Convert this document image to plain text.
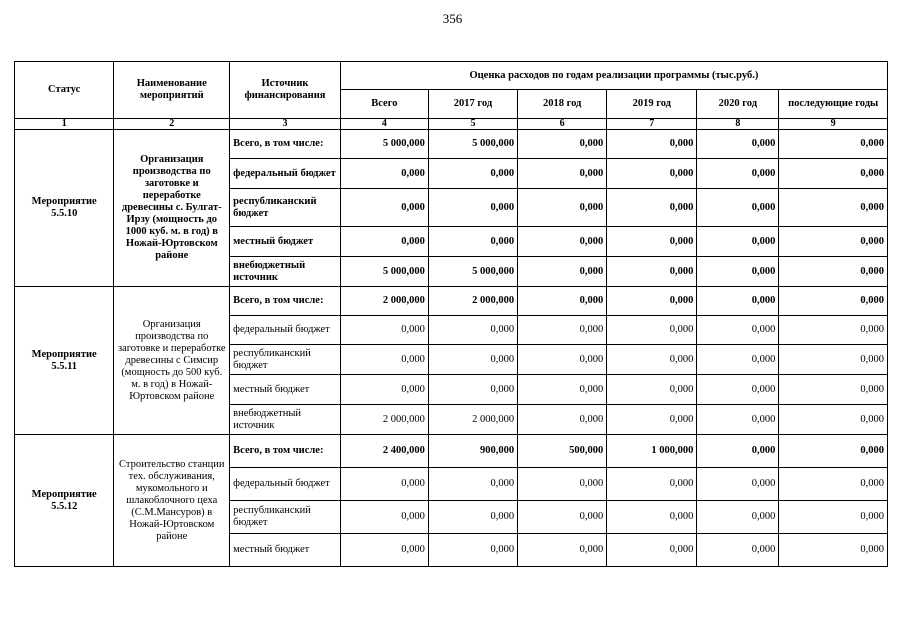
356
Статус	Наименование мероприятий	Источник финансирования	Оценка расходов по годам реализации программы (тыс.руб.)					
			Всего	2017 год	2018 год	2019 год	2020 год	последующие годы
1	2	3	4	5	6	7	8	9
Мероприятие 5.5.10	Организация производства по заготовке и переработке древесины с. Булгат-Ирзу (мощность до 1000 куб. м. в год) в Ножай-Юртовском районе	Всего, в том числе:	5 000,000	5 000,000	0,000	0,000	0,000	0,000
		федеральный бюджет	0,000	0,000	0,000	0,000	0,000	0,000
		республиканский бюджет	0,000	0,000	0,000	0,000	0,000	0,000
		местный бюджет	0,000	0,000	0,000	0,000	0,000	0,000
		внебюджетный источник	5 000,000	5 000,000	0,000	0,000	0,000	0,000
Мероприятие 5.5.11	Организация производства по заготовке и переработке древесины с Симсир (мощность до 500 куб. м. в год) в Ножай-Юртовском районе	Всего, в том числе:	2 000,000	2 000,000	0,000	0,000	0,000	0,000
		федеральный бюджет	0,000	0,000	0,000	0,000	0,000	0,000
		республиканский бюджет	0,000	0,000	0,000	0,000	0,000	0,000
		местный бюджет	0,000	0,000	0,000	0,000	0,000	0,000
		внебюджетный источник	2 000,000	2 000,000	0,000	0,000	0,000	0,000
Мероприятие 5.5.12	Строительство станции тех. обслуживания, мукомольного и шлакоблочного цеха (С.М.Мансуров) в Ножай-Юртовском районе	Всего, в том числе:	2 400,000	900,000	500,000	1 000,000	0,000	0,000
		федеральный бюджет	0,000	0,000	0,000	0,000	0,000	0,000
		республиканский бюджет	0,000	0,000	0,000	0,000	0,000	0,000
		местный бюджет	0,000	0,000	0,000	0,000	0,000	0,000
